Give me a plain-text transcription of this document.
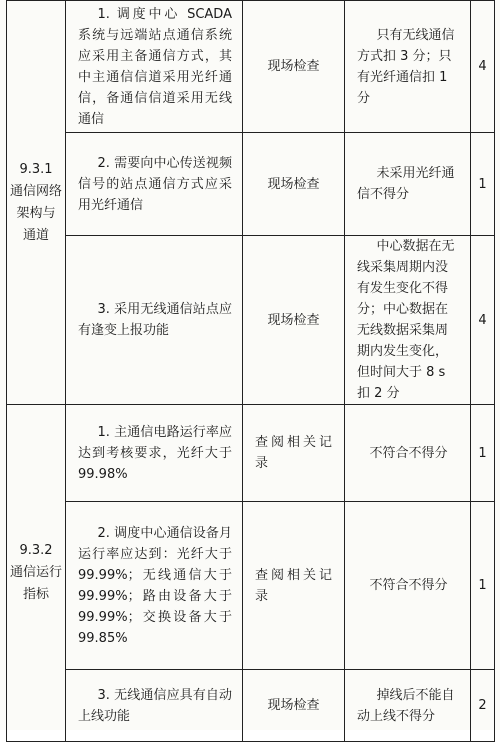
9.3.1
通信网络
架构与
通道	1. 调度中心 SCADA 系统与远端站点通信系统应采用主备通信方式，其中主通信信道采用光纤通信，备通信信道采用无线通信	现场检查	只有无线通信方式扣 3 分；只有光纤通信扣 1 分	4

	2. 需要向中心传送视频信号的站点通信方式应采用光纤通信	现场检查	未采用光纤通信不得分	1

	3. 采用无线通信站点应有逢变上报功能	现场检查	中心数据在无线采集周期内没有发生变化不得分；中心数据在无线数据采集周期内发生变化，但时间大于 8 s 扣 2 分	4
9.3.2
通信运行
指标	1. 主通信电路运行率应达到考核要求，光纤大于 99.98%	查阅相关记录	不符合不得分	1

	2. 调度中心通信设备月运行率应达到：光纤大于 99.99%；无线通信大于 99.99%；路由设备大于 99.99%；交换设备大于 99.85%	查阅相关记录	不符合不得分	1

	3. 无线通信应具有自动上线功能	现场检查	掉线后不能自动上线不得分	2
